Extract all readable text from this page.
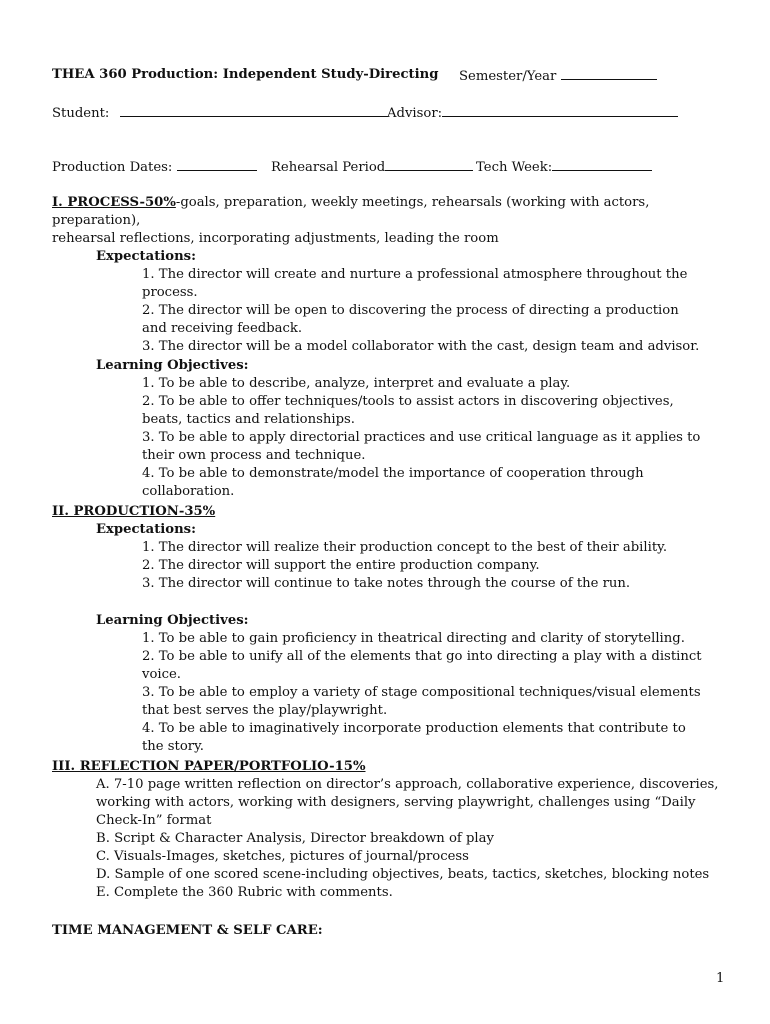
THEA 360 Production: Independent Study-Directing Semester/Year
Student:	Advisor:
Production Dates:	Rehearsal Period	Tech Week:
I. PROCESS-50%-goals, preparation, weekly meetings, rehearsals (working with actors, preparation),
rehearsal reflections, incorporating adjustments, leading the room
Expectations:
1. The director will create and nurture a professional atmosphere throughout the process.
2. The director will be open to discovering the process of directing a production and receiving feedback.
3. The director will be a model collaborator with the cast, design team and advisor.
Learning Objectives:
1. To be able to describe, analyze, interpret and evaluate a play.
2. To be able to offer techniques/tools to assist actors in discovering objectives, beats, tactics and relationships.
3. To be able to apply directorial practices and use critical language as it applies to their own process and technique.
4. To be able to demonstrate/model the importance of cooperation through collaboration.
II. PRODUCTION-35%
Expectations:
1. The director will realize their production concept to the best of their ability.
2. The director will support the entire production company.
3. The director will continue to take notes through the course of the run.
Learning Objectives:
1. To be able to gain proficiency in theatrical directing and clarity of storytelling.
2. To be able to unify all of the elements that go into directing a play with a distinct voice.
3. To be able to employ a variety of stage compositional techniques/visual elements that best serves the play/playwright.
4. To be able to imaginatively incorporate production elements that contribute to the story.
III. REFLECTION PAPER/PORTFOLIO-15%
A. 7-10 page written reflection on director’s approach, collaborative experience, discoveries, working with actors, working with designers, serving playwright, challenges using “Daily Check-In” format
B. Script & Character Analysis, Director breakdown of play
C. Visuals-Images, sketches, pictures of journal/process
D. Sample of one scored scene-including objectives, beats, tactics, sketches, blocking notes
E. Complete the 360 Rubric with comments.
TIME MANAGEMENT & SELF CARE:
1
